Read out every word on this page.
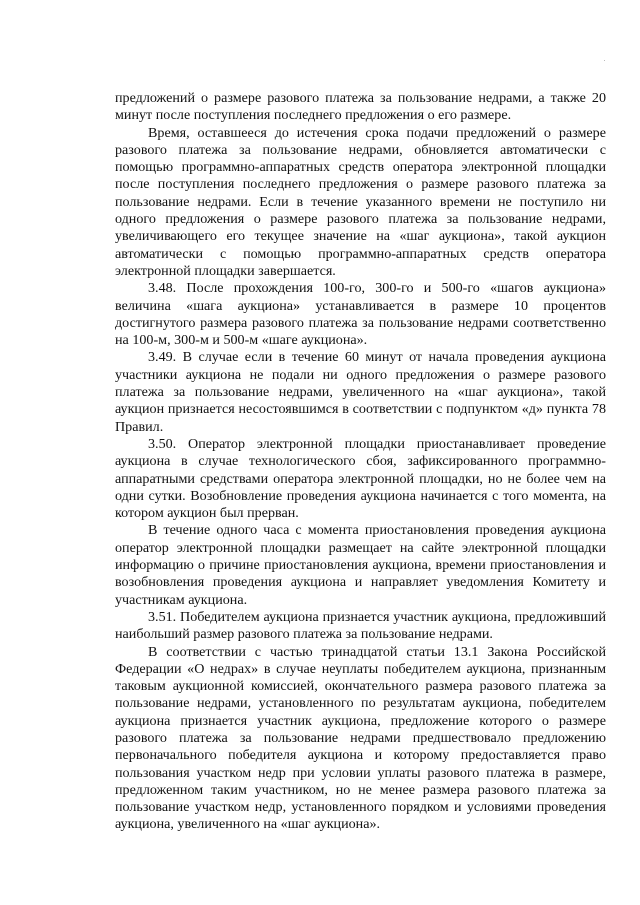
предложений о размере разового платежа за пользование недрами, а также 20 минут после поступления последнего предложения о его размере.

Время, оставшееся до истечения срока подачи предложений о размере разового платежа за пользование недрами, обновляется автоматически с помощью программно-аппаратных средств оператора электронной площадки после поступления последнего предложения о размере разового платежа за пользование недрами. Если в течение указанного времени не поступило ни одного предложения о размере разового платежа за пользование недрами, увеличивающего его текущее значение на «шаг аукциона», такой аукцион автоматически с помощью программно-аппаратных средств оператора электронной площадки завершается.

3.48. После прохождения 100-го, 300-го и 500-го «шагов аукциона» величина «шага аукциона» устанавливается в размере 10 процентов достигнутого размера разового платежа за пользование недрами соответственно на 100-м, 300-м и 500-м «шаге аукциона».

3.49. В случае если в течение 60 минут от начала проведения аукциона участники аукциона не подали ни одного предложения о размере разового платежа за пользование недрами, увеличенного на «шаг аукциона», такой аукцион признается несостоявшимся в соответствии с подпунктом «д» пункта 78 Правил.

3.50. Оператор электронной площадки приостанавливает проведение аукциона в случае технологического сбоя, зафиксированного программно-аппаратными средствами оператора электронной площадки, но не более чем на одни сутки. Возобновление проведения аукциона начинается с того момента, на котором аукцион был прерван.

В течение одного часа с момента приостановления проведения аукциона оператор электронной площадки размещает на сайте электронной площадки информацию о причине приостановления аукциона, времени приостановления и возобновления проведения аукциона и направляет уведомления Комитету и участникам аукциона.

3.51. Победителем аукциона признается участник аукциона, предложивший наибольший размер разового платежа за пользование недрами.

В соответствии с частью тринадцатой статьи 13.1 Закона Российской Федерации «О недрах» в случае неуплаты победителем аукциона, признанным таковым аукционной комиссией, окончательного размера разового платежа за пользование недрами, установленного по результатам аукциона, победителем аукциона признается участник аукциона, предложение которого о размере разового платежа за пользование недрами предшествовало предложению первоначального победителя аукциона и которому предоставляется право пользования участком недр при условии уплаты разового платежа в размере, предложенном таким участником, но не менее размера разового платежа за пользование участком недр, установленного порядком и условиями проведения аукциона, увеличенного на «шаг аукциона».
